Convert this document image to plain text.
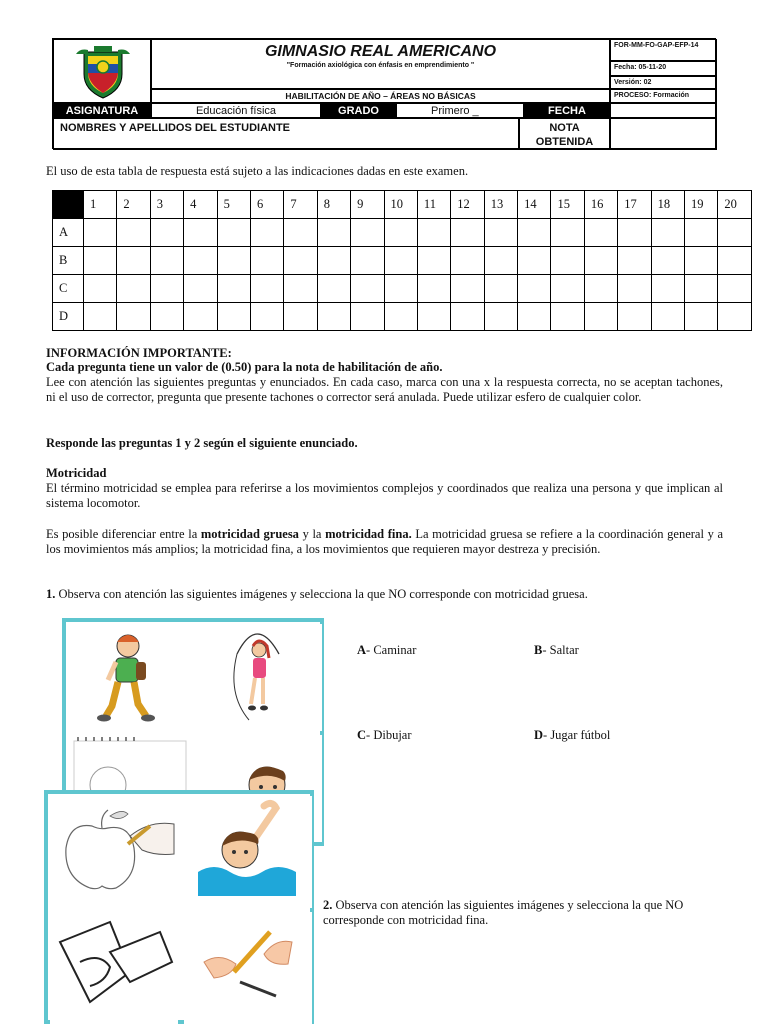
GIMNASIO REAL AMERICANO
"Formación axiológica con énfasis en emprendimiento "
HABILITACIÓN DE AÑO – ÁREAS NO BÁSICAS
FOR-MM-FO-GAP-EFP-14
Fecha: 05-11-20
Versión: 02
PROCESO: Formación
ASIGNATURA	Educación física	GRADO	Primero _	FECHA
NOMBRES Y APELLIDOS DEL ESTUDIANTE	NOTA OBTENIDA
El uso de esta tabla de respuesta está sujeto a las indicaciones dadas en este examen.
	1	2	3	4	5	6	7	8	9	10	11	12	13	14	15	16	17	18	19	20
A																				
B																				
C																				
D																				
INFORMACIÓN IMPORTANTE:
Cada pregunta tiene un valor de (0.50) para la nota de habilitación de año.
Lee con atención las siguientes preguntas y enunciados. En cada caso, marca con una x la respuesta correcta, no se aceptan tachones, ni el uso de corrector, pregunta que presente tachones o corrector será anulada. Puede utilizar esfero de cualquier color.
Responde las preguntas 1 y 2 según el siguiente enunciado.
Motricidad
El término motricidad se emplea para referirse a los movimientos complejos y coordinados que realiza una persona y que implican al sistema locomotor.
Es posible diferenciar entre la motricidad gruesa y la motricidad fina. La motricidad gruesa se refiere a la coordinación general y a los movimientos más amplios; la motricidad fina, a los movimientos que requieren mayor destreza y precisión.
1. Observa con atención las siguientes imágenes y selecciona la que NO corresponde con motricidad gruesa.
A- Caminar	B- Saltar
C- Dibujar	D- Jugar fútbol
2. Observa con atención las siguientes imágenes y selecciona la que NO corresponde con motricidad fina.
